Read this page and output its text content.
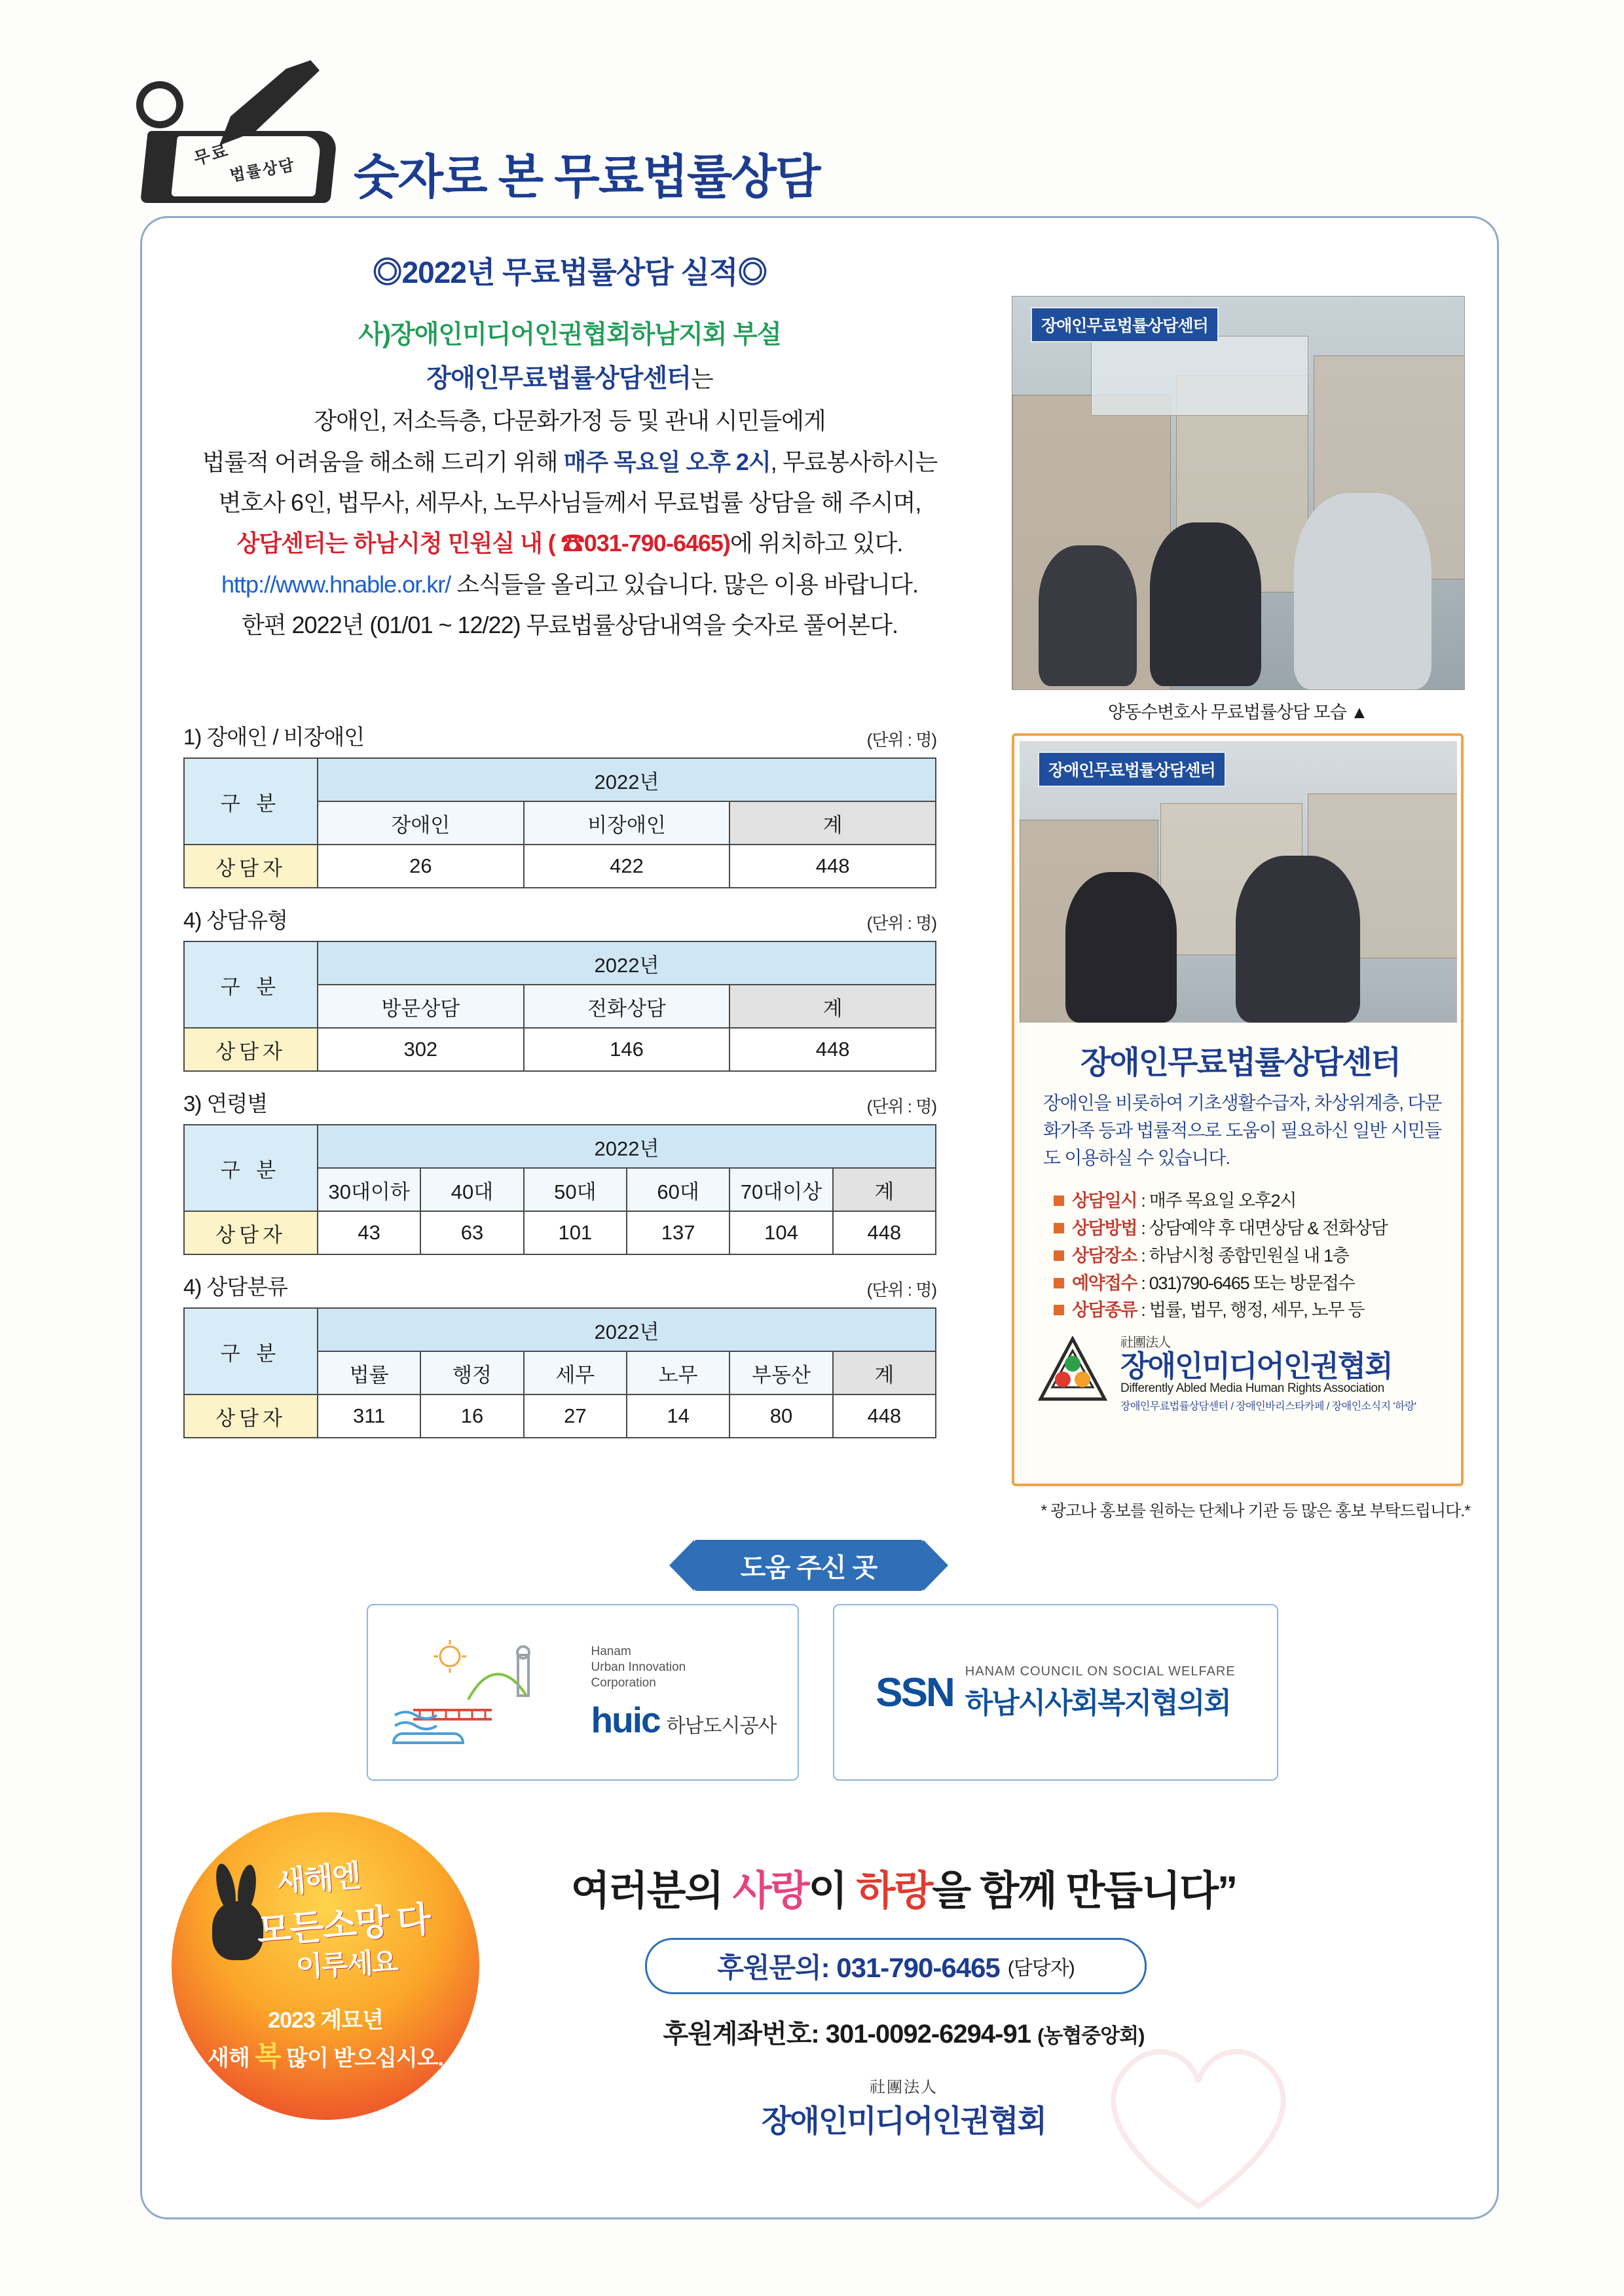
무료
법률상담 숫자로 본 무료법률상담
◎2022년 무료법률상담 실적◎
사)장애인미디어인권협회하남지회 부설
장애인무료법률상담센터는
장애인, 저소득층, 다문화가정 등 및 관내 시민들에게
법률적 어려움을 해소해 드리기 위해 매주 목요일 오후 2시, 무료봉사하시는
변호사 6인, 법무사, 세무사, 노무사님들께서 무료법률 상담을 해 주시며,
상담센터는 하남시청 민원실 내 ( ☎031-790-6465)에 위치하고 있다.
http://www.hnable.or.kr/ 소식들을 올리고 있습니다. 많은 이용 바랍니다.
한편 2022년 (01/01 ~ 12/22) 무료법률상담내역을 숫자로 풀어본다.
1) 장애인 / 비장애인	(단위 : 명)
구 분	2022년		
	장애인	비장애인	계
상담자	26	422	448
4) 상담유형	(단위 : 명)
구 분	2022년		
	방문상담	전화상담	계
상담자	302	146	448
3) 연령별	(단위 : 명)
구 분	2022년					
	30대이하	40대	50대	60대	70대이상	계
상담자	43	63	101	137	104	448
4) 상담분류	(단위 : 명)
구 분	2022년					
	법률	행정	세무	노무	부동산	계
상담자	311	16	27	14	80	448
장애인무료법률상담센터
양동수변호사 무료법률상담 모습 ▲
장애인무료법률상담센터
장애인무료법률상담센터
장애인을 비롯하여 기초생활수급자, 차상위계층, 다문화가족 등과 법률적으로 도움이 필요하신 일반 시민들도 이용하실 수 있습니다.
상담일시 : 매주 목요일 오후2시
상담방법 : 상담예약 후 대면상담 & 전화상담
상담장소 : 하남시청 종합민원실 내 1층
예약접수 : 031)790-6465 또는 방문접수
상담종류 : 법률, 법무, 행정, 세무, 노무 등
社團法人
장애인미디어인권협회
Differently Abled Media Human Rights Association
장애인무료법률상담센터 / 장애인바리스타카페 / 장애인소식지 '하랑'
* 광고나 홍보를 원하는 단체나 기관 등 많은 홍보 부탁드립니다.*
도움 주신 곳
Hanam
Urban Innovation
Corporation
huic 하남도시공사
SSN HANAM COUNCIL ON SOCIAL WELFARE
하남시사회복지협의회
새해엔
모든소망 다
이루세요
2023 계묘년
새해 복 많이 받으십시오.
여러분의 사랑이 하랑을 함께 만듭니다”
후원문의: 031-790-6465 (담당자)
후원계좌번호: 301-0092-6294-91 (농협중앙회)
社團法人
장애인미디어인권협회
